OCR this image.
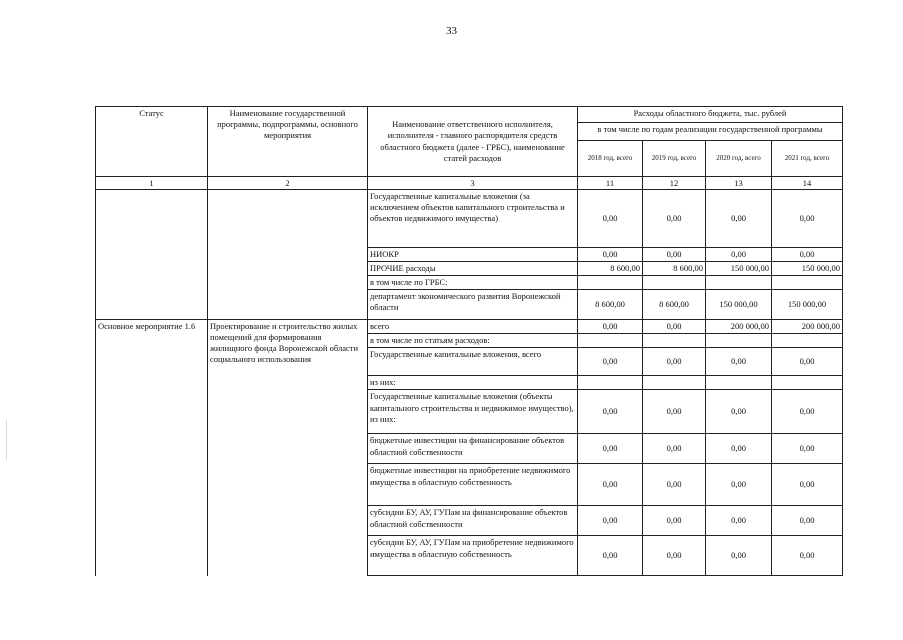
33
Статус	Наименование государственной программы, подпрограммы, основного мероприятия	Наименование ответственного исполнителя, исполнителя - главного распорядителя средств областного бюджета (далее - ГРБС), наименование статей расходов	Расходы областного бюджета, тыс. рублей			
			в том числе по годам реализации государственной программы			
			2018 год, всего	2019 год, всего	2020 год, всего	2021 год, всего
1	2	3	11	12	13	14
		Государственные капитальные вложения (за исключением объектов капитального строительства и объектов недвижимого имущества)	0,00	0,00	0,00	0,00
		НИОКР	0,00	0,00	0,00	0,00
		ПРОЧИЕ расходы	8 600,00	8 600,00	150 000,00	150 000,00
		в том числе по ГРБС:				
		департамент экономического развития Воронежской области	8 600,00	8 600,00	150 000,00	150 000,00
Основное мероприятие 1.6	Проектирование и строительство жилых помещений для формирования жилищного фонда Воронежской области социального использования	всего	0,00	0,00	200 000,00	200 000,00
		в том числе по статьям расходов:				
		Государственные капитальные вложения, всего	0,00	0,00	0,00	0,00
		из них:				
		Государственные капитальные вложения (объекты капитального строительства и недвижимое имущество), из них:	0,00	0,00	0,00	0,00
		бюджетные инвестиции на финансирование объектов областной собственности	0,00	0,00	0,00	0,00
		бюджетные инвестиции на приобретение недвижимого имущества в областную собственность	0,00	0,00	0,00	0,00
		субсидии БУ, АУ, ГУПам на финансирование объектов областной собственности	0,00	0,00	0,00	0,00
		субсидии БУ, АУ, ГУПам на приобретение недвижимого имущества в областную собственность	0,00	0,00	0,00	0,00
